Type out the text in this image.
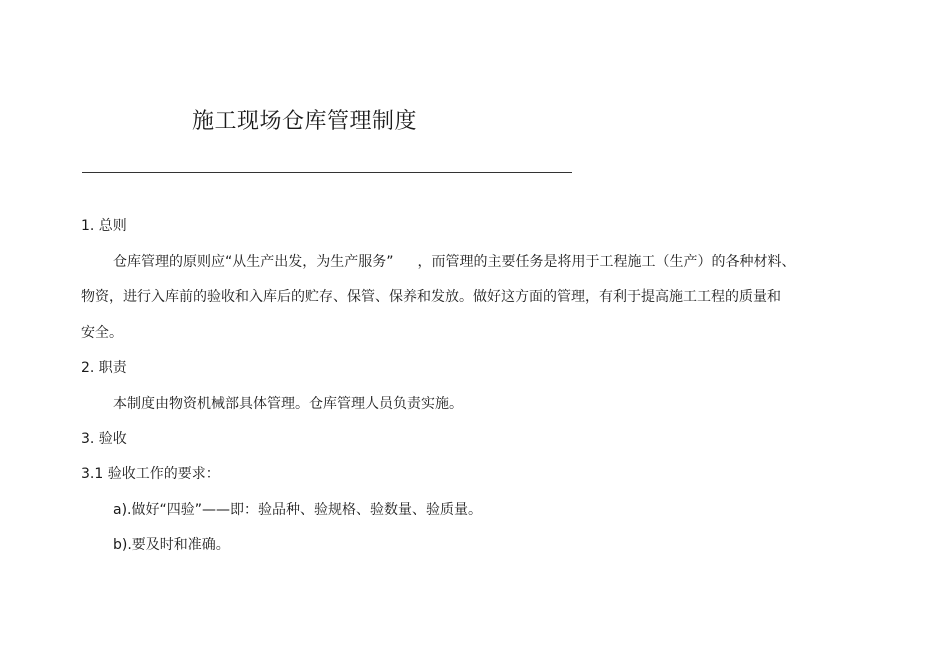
施工现场仓库管理制度
1. 总则
仓库管理的原则应“从生产出发，为生产服务” ，而管理的主要任务是将用于工程施工（生产）的各种材料、
物资，进行入库前的验收和入库后的贮存、保管、保养和发放。做好这方面的管理，有利于提高施工工程的质量和
安全。
2. 职责
本制度由物资机械部具体管理。仓库管理人员负责实施。
3. 验收
3.1 验收工作的要求：
a).做好“四验”——即：验品种、验规格、验数量、验质量。
b).要及时和准确。
